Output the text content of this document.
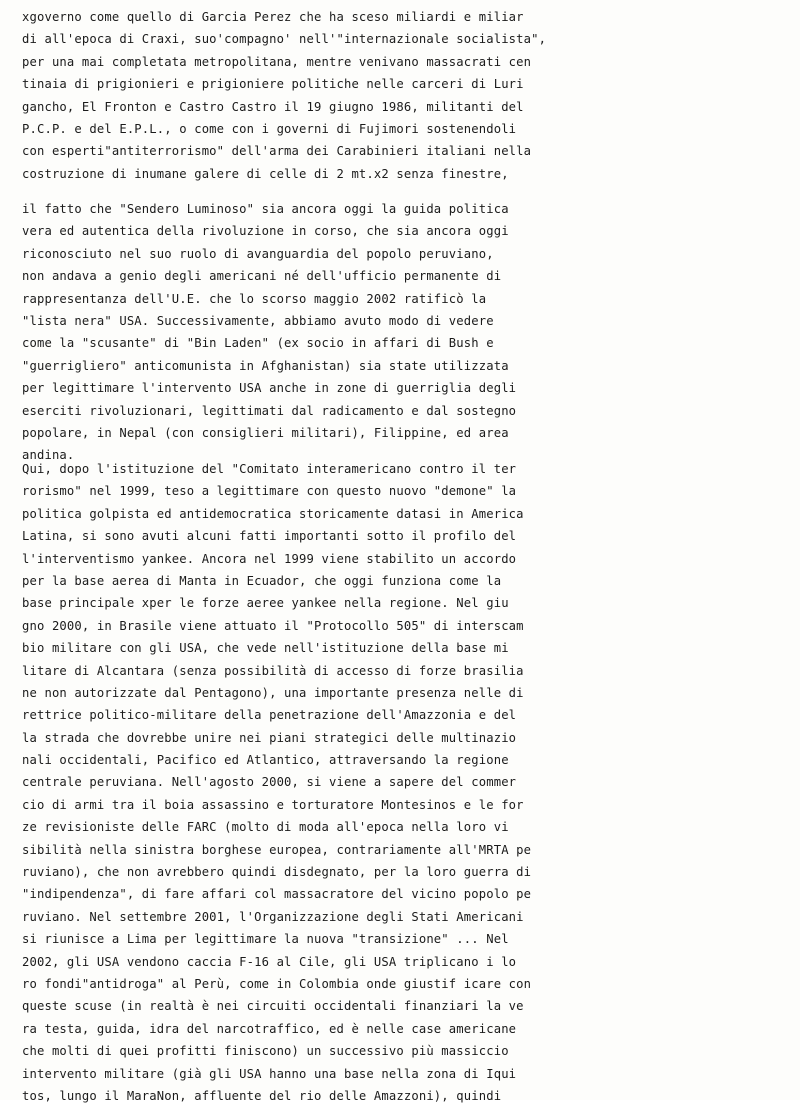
xgoverno come quello di Garcia Perez che ha sceso miliardi e miliar
di all'epoca di Craxi, suo'compagno' nell'"internazionale socialista",
per una mai completata metropolitana, mentre venivano massacrati cen
tinaia di prigionieri e prigioniere politiche nelle carceri di Luri
gancho, El Fronton e Castro Castro il 19 giugno 1986, militanti del
P.C.P. e del E.P.L., o come con i governi di Fujimori sostenendoli
con esperti"antiterrorismo" dell'arma dei Carabinieri italiani nella
costruzione di inumane galere di celle di 2 mt.x2 senza finestre,
il fatto che "Sendero Luminoso" sia ancora oggi la guida politica
vera ed autentica della rivoluzione in corso, che sia ancora oggi
riconosciuto nel suo ruolo di avanguardia del popolo peruviano,
non andava a genio degli americani né dell'ufficio permanente di
rappresentanza dell'U.E. che lo scorso maggio 2002 ratificò la
"lista nera" USA. Successivamente, abbiamo avuto modo di vedere
come la "scusante" di "Bin Laden" (ex socio in affari di Bush e
"guerrigliero" anticomunista in Afghanistan) sia state utilizzata
per legittimare l'intervento USA anche in zone di guerriglia degli
eserciti rivoluzionari, legittimati dal radicamento e dal sostegno
popolare, in Nepal (con consiglieri militari), Filippine, ed area
andina.
Qui, dopo l'istituzione del "Comitato interamericano contro il ter
rorismo" nel 1999, teso a legittimare con questo nuovo "demone" la
politica golpista ed antidemocratica storicamente datasi in America
Latina, si sono avuti alcuni fatti importanti sotto il profilo del
l'interventismo yankee. Ancora nel 1999 viene stabilito un accordo
per la base aerea di Manta in Ecuador, che oggi funziona come la
base principale xper le forze aeree yankee nella regione. Nel giu
gno 2000, in Brasile viene attuato il "Protocollo 505" di interscam
bio militare con gli USA, che vede nell'istituzione della base mi
litare di Alcantara (senza possibilità di accesso di forze brasilia
ne non autorizzate dal Pentagono), una importante presenza nelle di
rettrice politico-militare della penetrazione dell'Amazzonia e del
la strada che dovrebbe unire nei piani strategici delle multinazio
nali occidentali, Pacifico ed Atlantico, attraversando la regione
centrale peruviana. Nell'agosto 2000, si viene a sapere del commer
cio di armi tra il boia assassino e torturatore Montesinos e le for
ze revisioniste delle FARC (molto di moda all'epoca nella loro vi
sibilità nella sinistra borghese europea, contrariamente all'MRTA pe
ruviano), che non avrebbero quindi disdegnato, per la loro guerra di
"indipendenza", di fare affari col massacratore del vicino popolo pe
ruviano. Nel settembre 2001, l'Organizzazione degli Stati Americani
si riunisce a Lima per legittimare la nuova "transizione" ... Nel
2002, gli USA vendono caccia F-16 al Cile, gli USA triplicano i lo
ro fondi"antidroga" al Perù, come in Colombia onde giustif icare con
queste scuse (in realtà è nei circuiti occidentali finanziari la ve
ra testa, guida, idra del narcotraffico, ed è nelle case americane
che molti di quei profitti finiscono) un successivo più massiccio
intervento militare (già gli USA hanno una base nella zona di Iqui
tos, lungo il MaraNon, affluente del rio delle Amazzoni), quindi
